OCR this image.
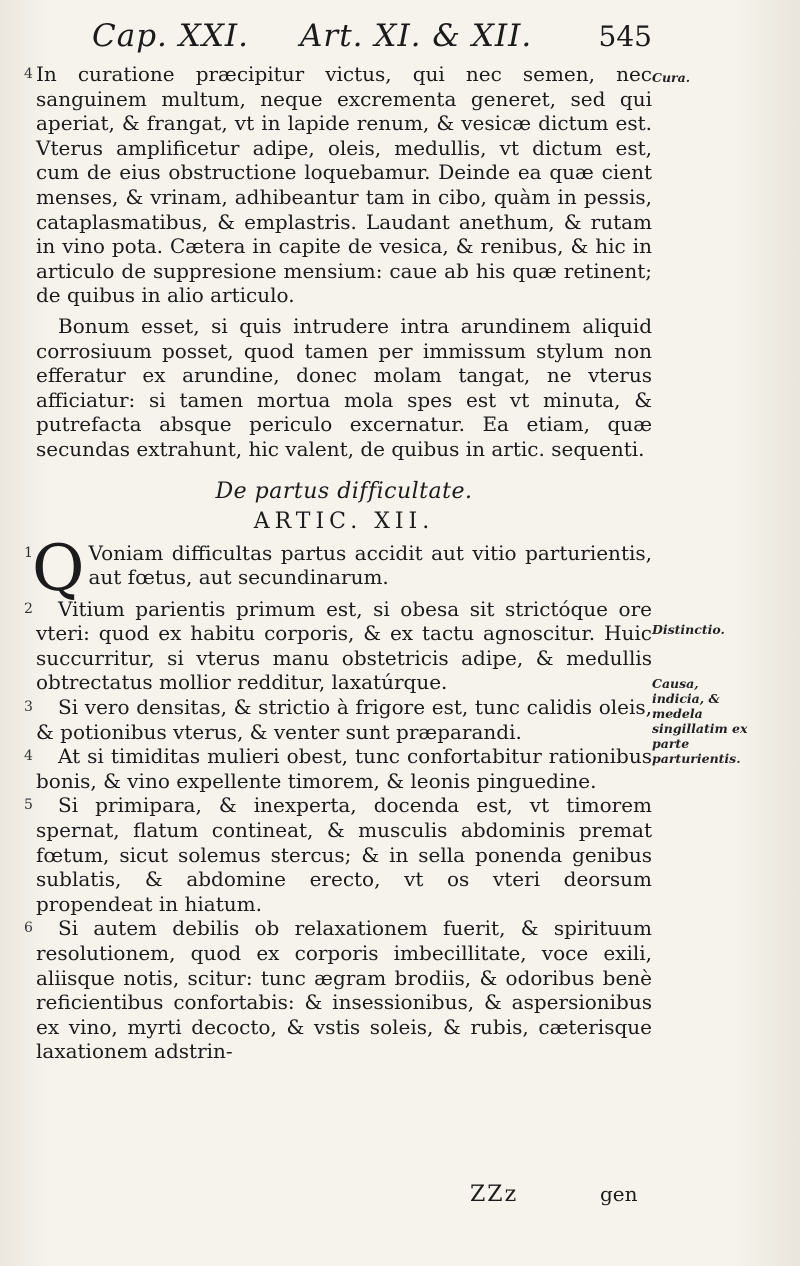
Cap. XXI. Art. XI. & XII. 545
4 In curatione præcipitur victus, qui nec semen, nec sanguinem multum, neque excrementa generet, sed qui aperiat, & frangat, vt in lapide renum, & vesicæ dictum est. Vterus amplificetur adipe, oleis, medullis, vt dictum est, cum de eius obstructione loquebamur. Deinde ea quæ cient menses, & vrinam, adhibeantur tam in cibo, quàm in pessis, cataplasmatibus, & emplastris. Laudant anethum, & rutam in vino pota. Cætera in capite de vesica, & renibus, & hic in articulo de suppresione mensium: caue ab his quæ retinent; de quibus in alio articulo.

Bonum esset, si quis intrudere intra arundinem aliquid corrosiuum posset, quod tamen per immissum stylum non efferatur ex arundine, donec molam tangat, ne vterus afficiatur: si tamen mortua mola spes est vt minuta, & putrefacta absque periculo excernatur. Ea etiam, quæ secundas extrahunt, hic valent, de quibus in artic. sequenti.

De partus difficultate.
ARTIC. XII.
1 Q Voniam difficultas partus accidit aut vitio parturientis, aut fœtus, aut secundinarum.

2	Vitium parientis primum est, si obesa sit strictóque ore vteri: quod ex habitu corporis, & ex tactu agnoscitur. Huic succurritur, si vterus manu obstetricis adipe, & medullis obtrectatus mollior redditur, laxatúrque.

3	Si vero densitas, & strictio à frigore est, tunc calidis oleis, & potionibus vterus, & venter sunt præparandi.

4	At si timiditas mulieri obest, tunc confortabitur rationibus bonis, & vino expellente timorem, & leonis pinguedine.

5	Si primipara, & inexperta, docenda est, vt timorem spernat, flatum contineat, & musculis abdominis premat fœtum, sicut solemus stercus; & in sella ponenda genibus sublatis, & abdomine erecto, vt os vteri deorsum propendeat in hiatum.

6	Si autem debilis ob relaxationem fuerit, & spirituum resolutionem, quod ex corporis imbecillitate, voce exili, aliisque notis, scitur: tunc ægram brodiis, & odoribus benè reficientibus confortabis: & insessionibus, & aspersionibus ex vino, myrti decocto, & vstis soleis, & rubis, cæterisque laxationem adstrin-

Cura.
Distinctio.
Causa, indicia, & medela singillatim ex parte parturientis.
ZZz	gen
